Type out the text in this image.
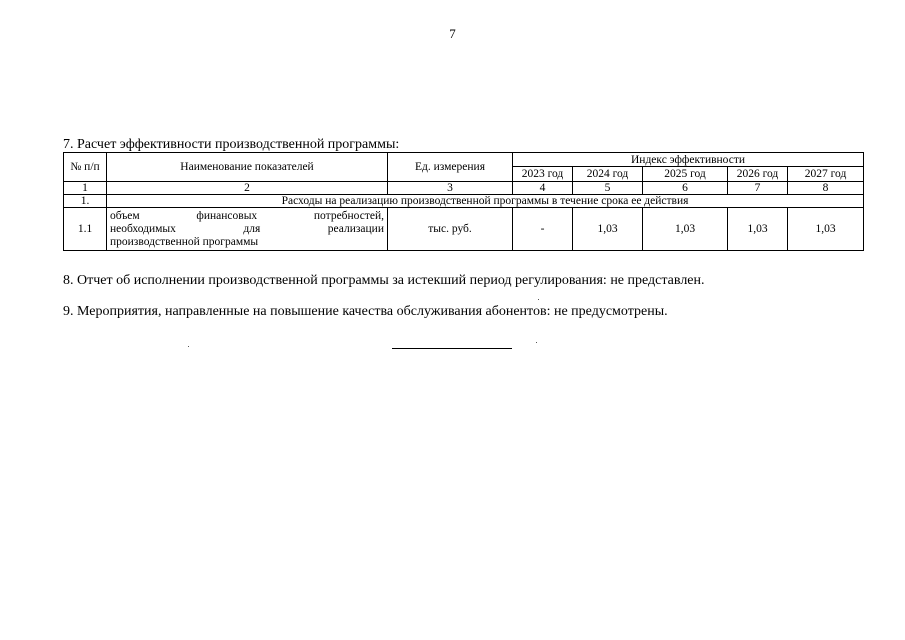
7
7. Расчет эффективности производственной программы:
№ п/п	Наименование показателей	Ед. измерения	Индекс эффективности				
			2023 год	2024 год	2025 год	2026 год	2027 год
1	2	3	4	5	6	7	8
1.	Расходы на реализацию производственной программы в течение срока ее действия						
1.1	объем финансовых потребностей,
необходимых для реализации
производственной программы	тыс. руб.	-	1,03	1,03	1,03	1,03
8. Отчет об исполнении производственной программы за истекший период регулирования: не представлен.
9. Мероприятия, направленные на повышение качества обслуживания абонентов: не предусмотрены.
